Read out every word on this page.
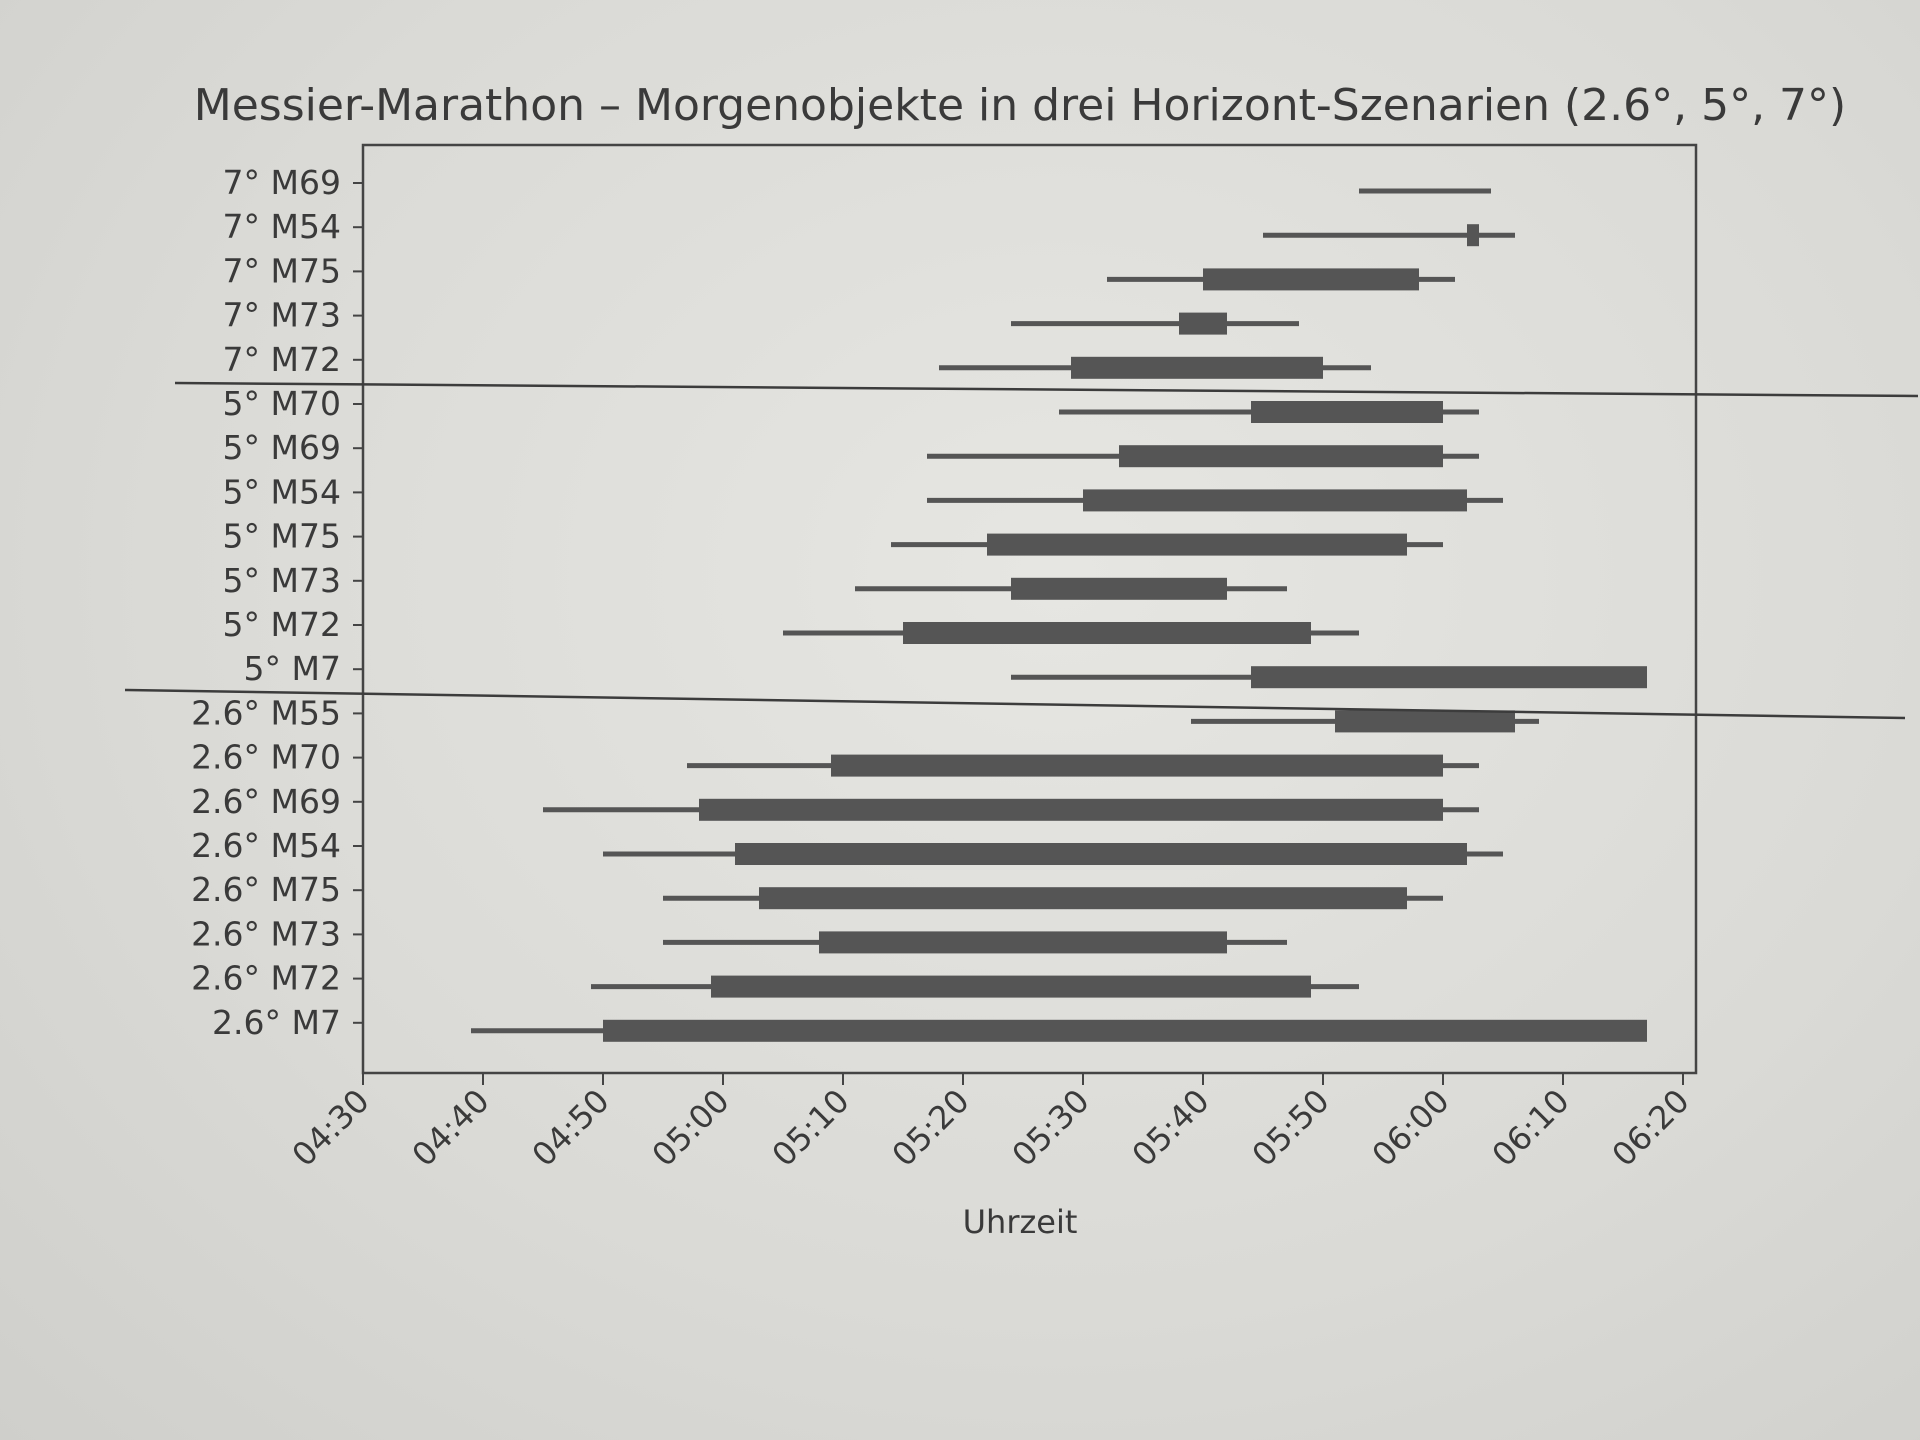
Messier-Marathon – Morgenobjekte in drei Horizont-Szenarien (2.6°, 5°, 7°)
7° M69
7° M54
7° M75
7° M73
7° M72
5° M70
5° M69
5° M54
5° M75
5° M73
5° M72
5° M7
2.6° M55
2.6° M70
2.6° M69
2.6° M54
2.6° M75
2.6° M73
2.6° M72
2.6° M7
04:30 04:40 04:50 05:00 05:10 05:20 05:30 05:40 05:50 06:00 06:10 06:20
Uhrzeit
